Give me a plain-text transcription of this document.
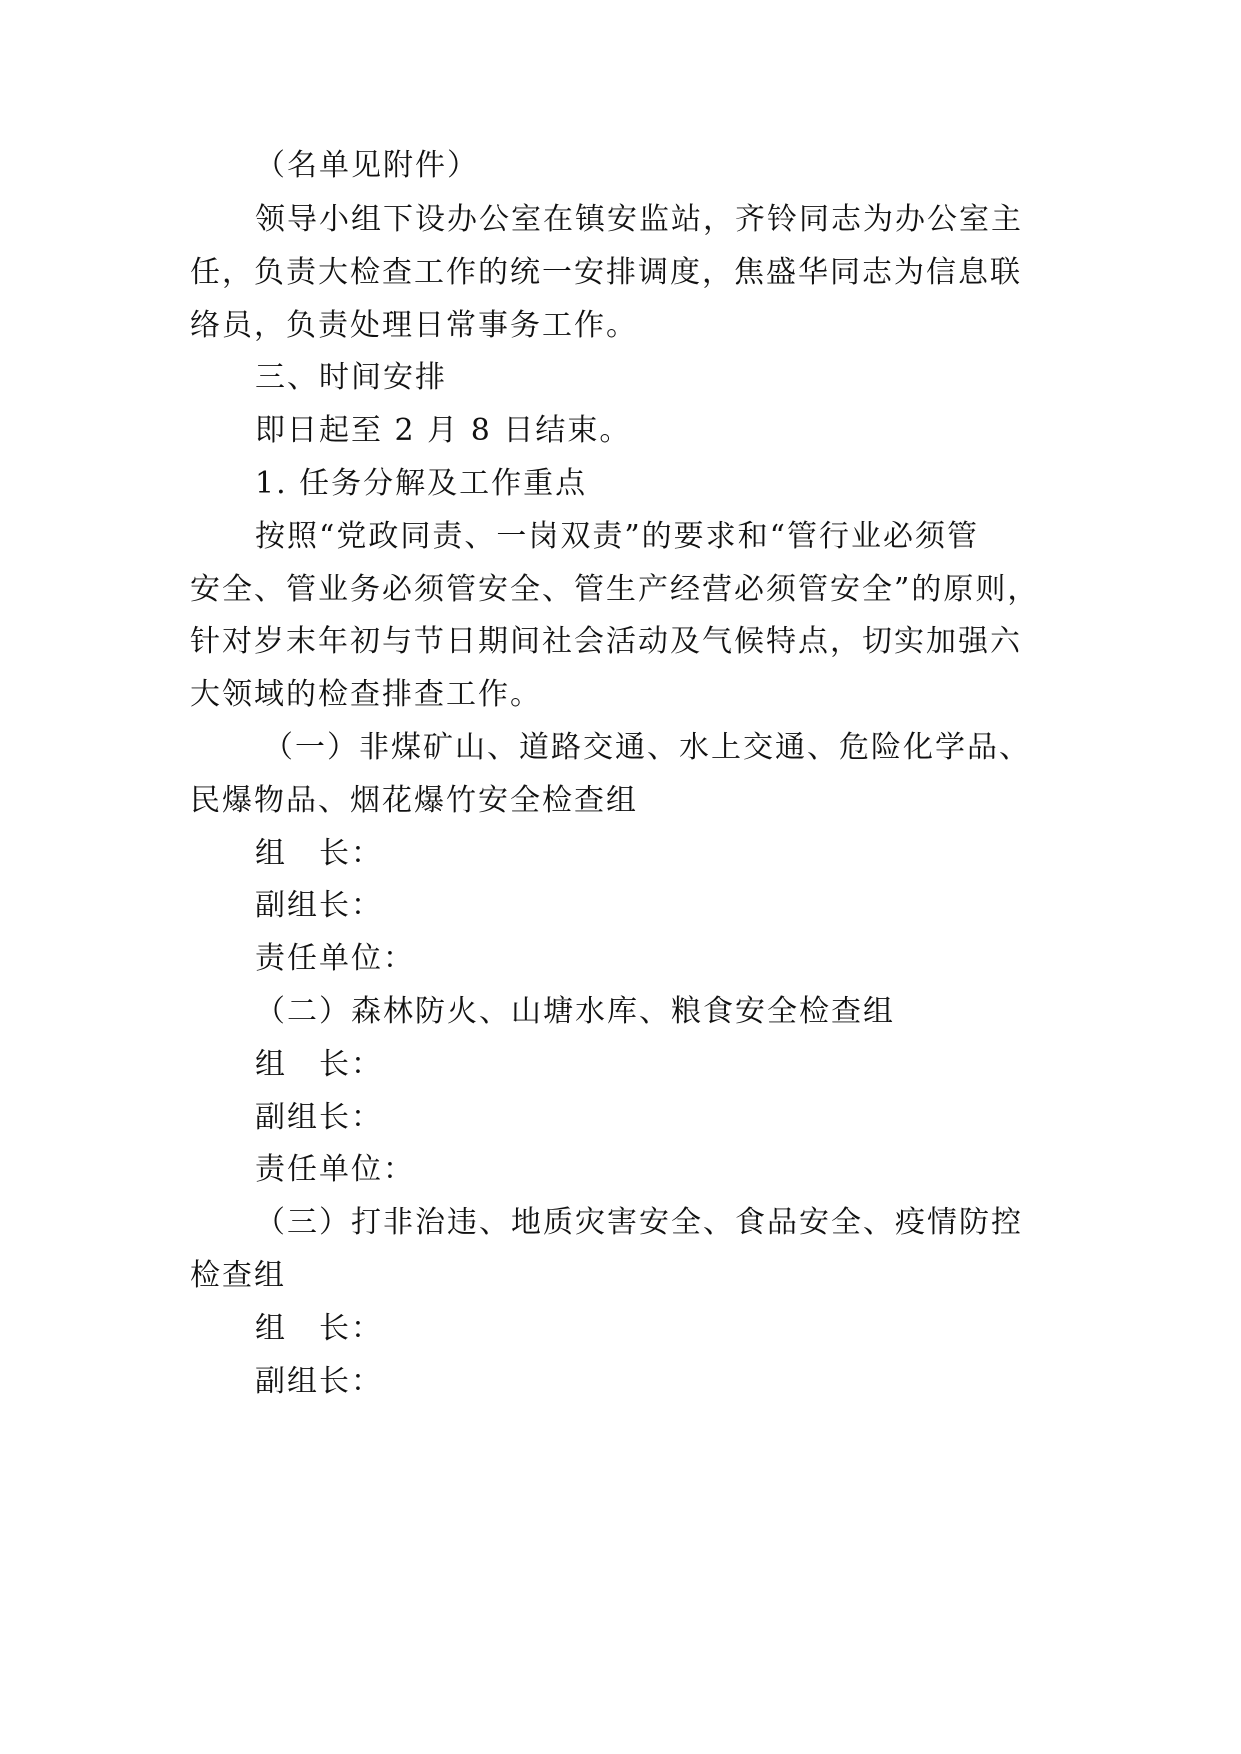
（名单见附件）
领导小组下设办公室在镇安监站，齐铃同志为办公室主
任，负责大检查工作的统一安排调度，焦盛华同志为信息联
络员，负责处理日常事务工作。
三、时间安排
即日起至 2 月 8 日结束。
1. 任务分解及工作重点
按照“党政同责、一岗双责”的要求和“管行业必须管
安全、管业务必须管安全、管生产经营必须管安全”的原则，
针对岁末年初与节日期间社会活动及气候特点，切实加强六
大领域的检查排查工作。
（一）非煤矿山、道路交通、水上交通、危险化学品、
民爆物品、烟花爆竹安全检查组
组　长：
副组长：
责任单位：
（二）森林防火、山塘水库、粮食安全检查组
组　长：
副组长：
责任单位：
（三）打非治违、地质灾害安全、食品安全、疫情防控
检查组
组　长：
副组长：
